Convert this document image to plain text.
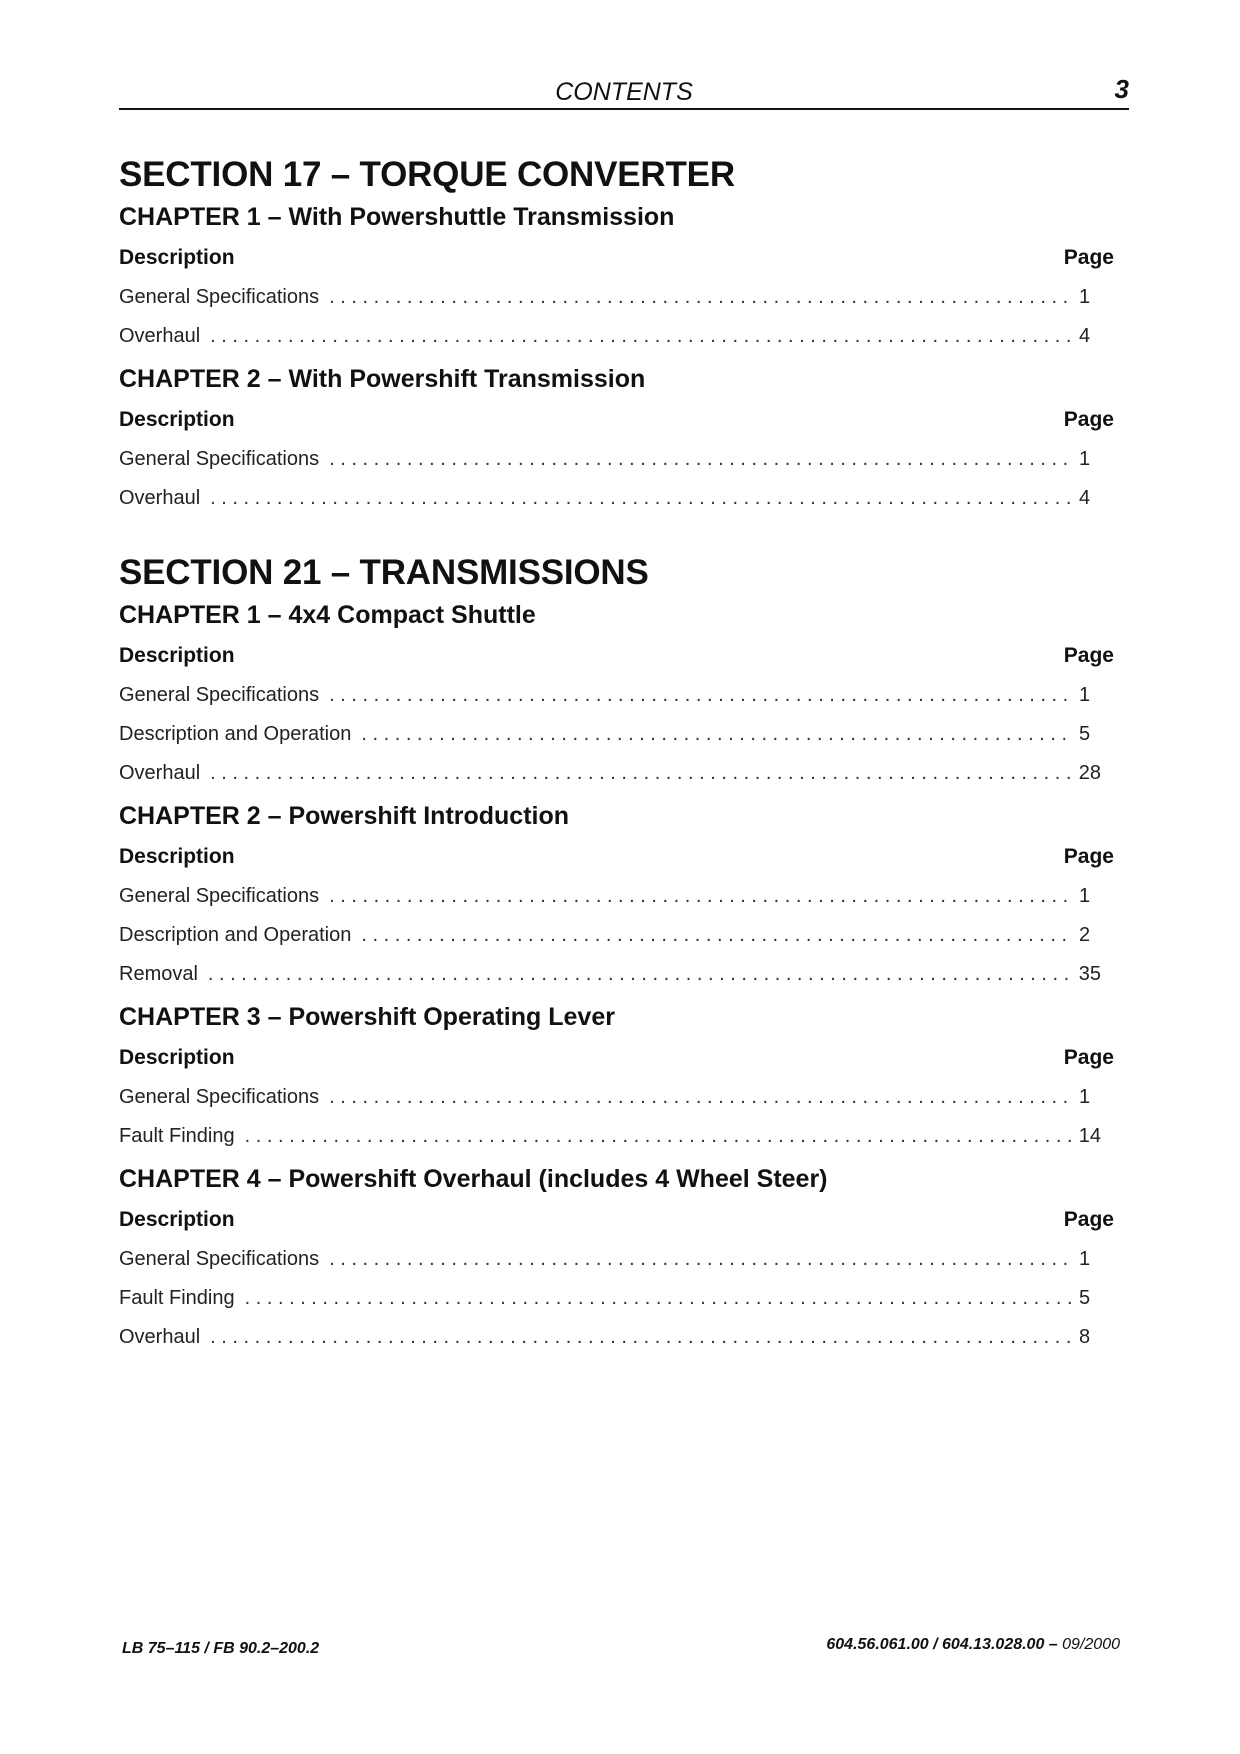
CONTENTS	3
SECTION 17 – TORQUE CONVERTER
CHAPTER 1 – With Powershuttle Transmission
Description	Page
General Specifications . . .	1
Overhaul . . .	4
CHAPTER 2 – With Powershift Transmission
Description	Page
General Specifications . . .	1
Overhaul . . .	4
SECTION 21 – TRANSMISSIONS
CHAPTER 1 – 4x4 Compact Shuttle
Description	Page
General Specifications . . .	1
Description and Operation . . .	5
Overhaul . . .	28
CHAPTER 2 – Powershift Introduction
Description	Page
General Specifications . . .	1
Description and Operation . . .	2
Removal . . .	35
CHAPTER 3 – Powershift Operating Lever
Description	Page
General Specifications . . .	1
Fault Finding . . .	14
CHAPTER 4 – Powershift Overhaul (includes 4 Wheel Steer)
Description	Page
General Specifications . . .	1
Fault Finding . . .	5
Overhaul . . .	8
LB 75–115 / FB 90.2–200.2	604.56.061.00 / 604.13.028.00 – 09/2000
